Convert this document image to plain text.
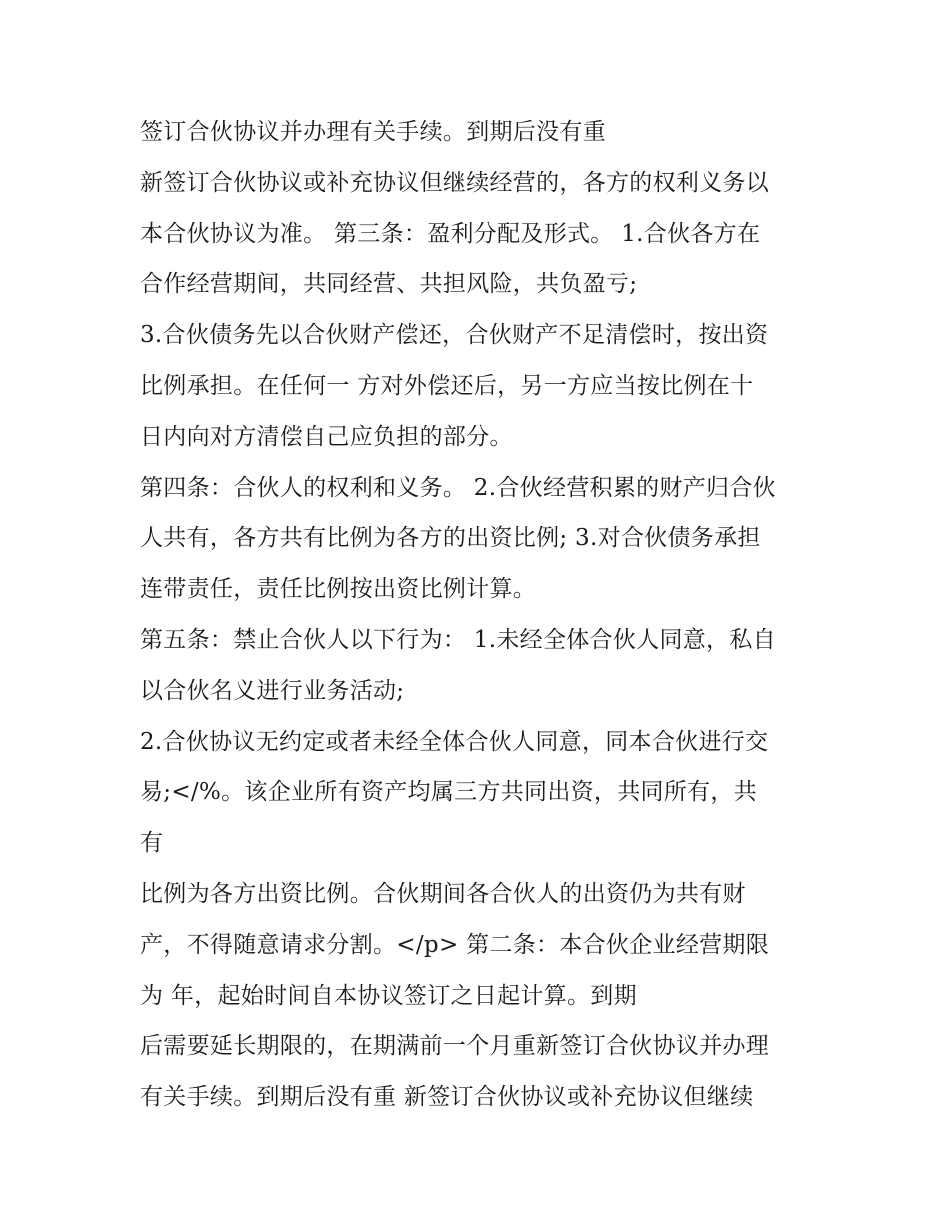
签订合伙协议并办理有关手续。到期后没有重
新签订合伙协议或补充协议但继续经营的，各方的权利义务以
本合伙协议为准。 第三条：盈利分配及形式。 1.合伙各方在
合作经营期间，共同经营、共担风险，共负盈亏;
3.合伙债务先以合伙财产偿还，合伙财产不足清偿时，按出资
比例承担。在任何一 方对外偿还后，另一方应当按比例在十
日内向对方清偿自己应负担的部分。
第四条：合伙人的权利和义务。 2.合伙经营积累的财产归合伙
人共有，各方共有比例为各方的出资比例; 3.对合伙债务承担
连带责任，责任比例按出资比例计算。
第五条：禁止合伙人以下行为： 1.未经全体合伙人同意，私自
以合伙名义进行业务活动;
2.合伙协议无约定或者未经全体合伙人同意，同本合伙进行交
易;</%。该企业所有资产均属三方共同出资，共同所有，共
有
比例为各方出资比例。合伙期间各合伙人的出资仍为共有财
产，不得随意请求分割。</p> 第二条：本合伙企业经营期限
为 年，起始时间自本协议签订之日起计算。到期
后需要延长期限的，在期满前一个月重新签订合伙协议并办理
有关手续。到期后没有重 新签订合伙协议或补充协议但继续
